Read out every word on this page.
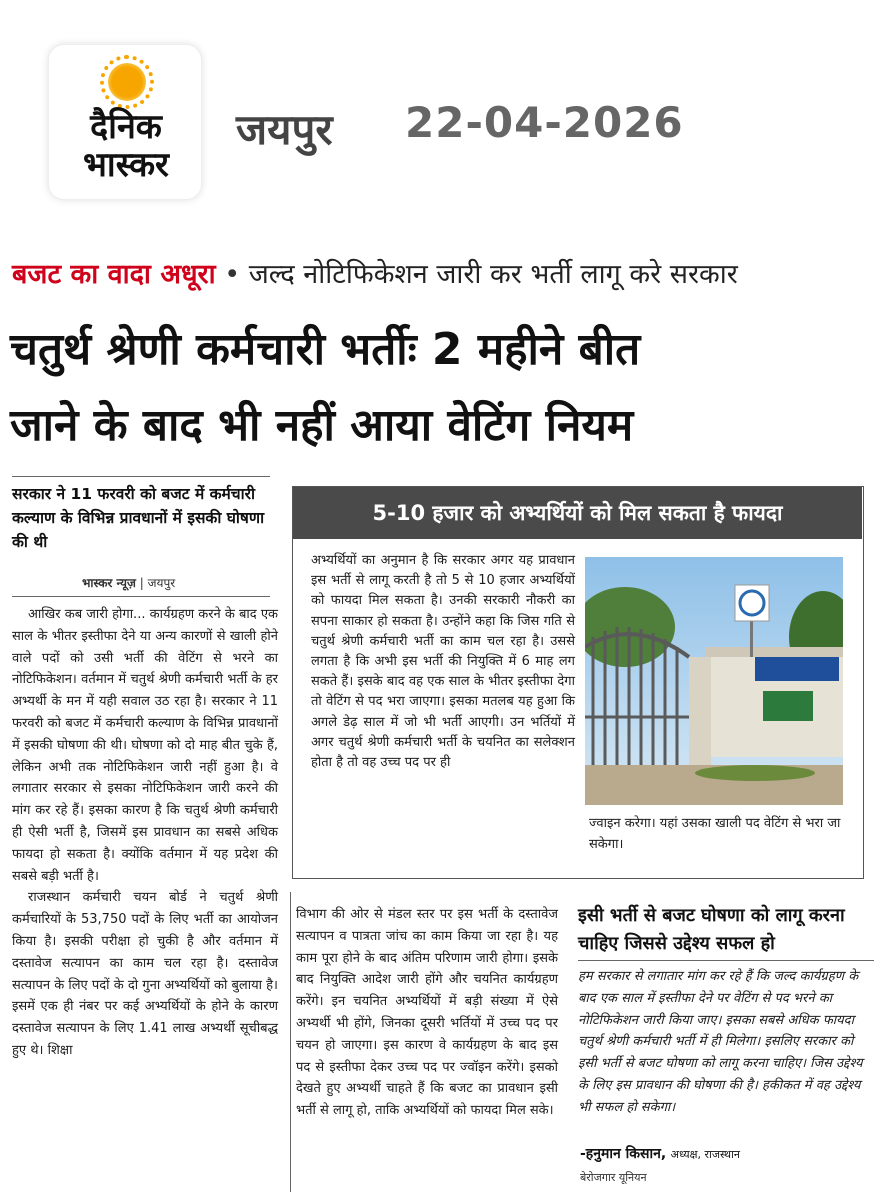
दैनिक
भास्कर
जयपुर 22-04-2026
बजट का वादा अधूरा • जल्द नोटिफिकेशन जारी कर भर्ती लागू करे सरकार
चतुर्थ श्रेणी कर्मचारी भर्तीः 2 महीने बीत
जाने के बाद भी नहीं आया वेटिंग नियम
सरकार ने 11 फरवरी को बजट में कर्मचारी कल्याण के विभिन्न प्रावधानों में इसकी घोषणा की थी
भास्कर न्यूज़ | जयपुर

आखिर कब जारी होगा... कार्यग्रहण करने के बाद एक साल के भीतर इस्तीफा देने या अन्य कारणों से खाली होने वाले पदों को उसी भर्ती की वेटिंग से भरने का नोटिफिकेशन। वर्तमान में चतुर्थ श्रेणी कर्मचारी भर्ती के हर अभ्यर्थी के मन में यही सवाल उठ रहा है। सरकार ने 11 फरवरी को बजट में कर्मचारी कल्याण के विभिन्न प्रावधानों में इसकी घोषणा की थी। घोषणा को दो माह बीत चुके हैं, लेकिन अभी तक नोटिफिकेशन जारी नहीं हुआ है। वे लगातार सरकार से इसका नोटिफिकेशन जारी करने की मांग कर रहे हैं। इसका कारण है कि चतुर्थ श्रेणी कर्मचारी ही ऐसी भर्ती है, जिसमें इस प्रावधान का सबसे अधिक फायदा हो सकता है। क्योंकि वर्तमान में यह प्रदेश की सबसे बड़ी भर्ती है।

राजस्थान कर्मचारी चयन बोर्ड ने चतुर्थ श्रेणी कर्मचारियों के 53,750 पदों के लिए भर्ती का आयोजन किया है। इसकी परीक्षा हो चुकी है और वर्तमान में दस्तावेज सत्यापन का काम चल रहा है। दस्तावेज सत्यापन के लिए पदों के दो गुना अभ्यर्थियों को बुलाया है। इसमें एक ही नंबर पर कई अभ्यर्थियों के होने के कारण दस्तावेज सत्यापन के लिए 1.41 लाख अभ्यर्थी सूचीबद्ध हुए थे। शिक्षा

5-10 हजार को अभ्यर्थियों को मिल सकता है फायदा
अभ्यर्थियों का अनुमान है कि सरकार अगर यह प्रावधान इस भर्ती से लागू करती है तो 5 से 10 हजार अभ्यर्थियों को फायदा मिल सकता है। उनकी सरकारी नौकरी का सपना साकार हो सकता है। उन्होंने कहा कि जिस गति से चतुर्थ श्रेणी कर्मचारी भर्ती का काम चल रहा है। उससे लगता है कि अभी इस भर्ती की नियुक्ति में 6 माह लग सकते हैं। इसके बाद वह एक साल के भीतर इस्तीफा देगा तो वेटिंग से पद भरा जाएगा। इसका मतलब यह हुआ कि अगले डेढ़ साल में जो भी भर्ती आएगी। उन भर्तियों में अगर चतुर्थ श्रेणी कर्मचारी भर्ती के चयनित का सलेक्शन होता है तो वह उच्च पद पर ही
ज्वाइन करेगा। यहां उसका खाली पद वेटिंग से भरा जा सकेगा।
विभाग की ओर से मंडल स्तर पर इस भर्ती के दस्तावेज सत्यापन व पात्रता जांच का काम किया जा रहा है। यह काम पूरा होने के बाद अंतिम परिणाम जारी होगा। इसके बाद नियुक्ति आदेश जारी होंगे और चयनित कार्यग्रहण करेंगे। इन चयनित अभ्यर्थियों में बड़ी संख्या में ऐसे अभ्यर्थी भी होंगे, जिनका दूसरी भर्तियों में उच्च पद पर चयन हो जाएगा। इस कारण वे कार्यग्रहण के बाद इस पद से इस्तीफा देकर उच्च पद पर ज्वॉइन करेंगे। इसको देखते हुए अभ्यर्थी चाहते हैं कि बजट का प्रावधान इसी भर्ती से लागू हो, ताकि अभ्यर्थियों को फायदा मिल सके।
इसी भर्ती से बजट घोषणा को लागू करना चाहिए जिससे उद्देश्य सफल हो
हम सरकार से लगातार मांग कर रहे हैं कि जल्द कार्यग्रहण के बाद एक साल में इस्तीफा देने पर वेटिंग से पद भरने का नोटिफिकेशन जारी किया जाए। इसका सबसे अधिक फायदा चतुर्थ श्रेणी कर्मचारी भर्ती में ही मिलेगा। इसलिए सरकार को इसी भर्ती से बजट घोषणा को लागू करना चाहिए। जिस उद्देश्य के लिए इस प्रावधान की घोषणा की है। हकीकत में वह उद्देश्य भी सफल हो सकेगा।
-हनुमान किसान, अध्यक्ष, राजस्थान
बेरोजगार यूनियन
